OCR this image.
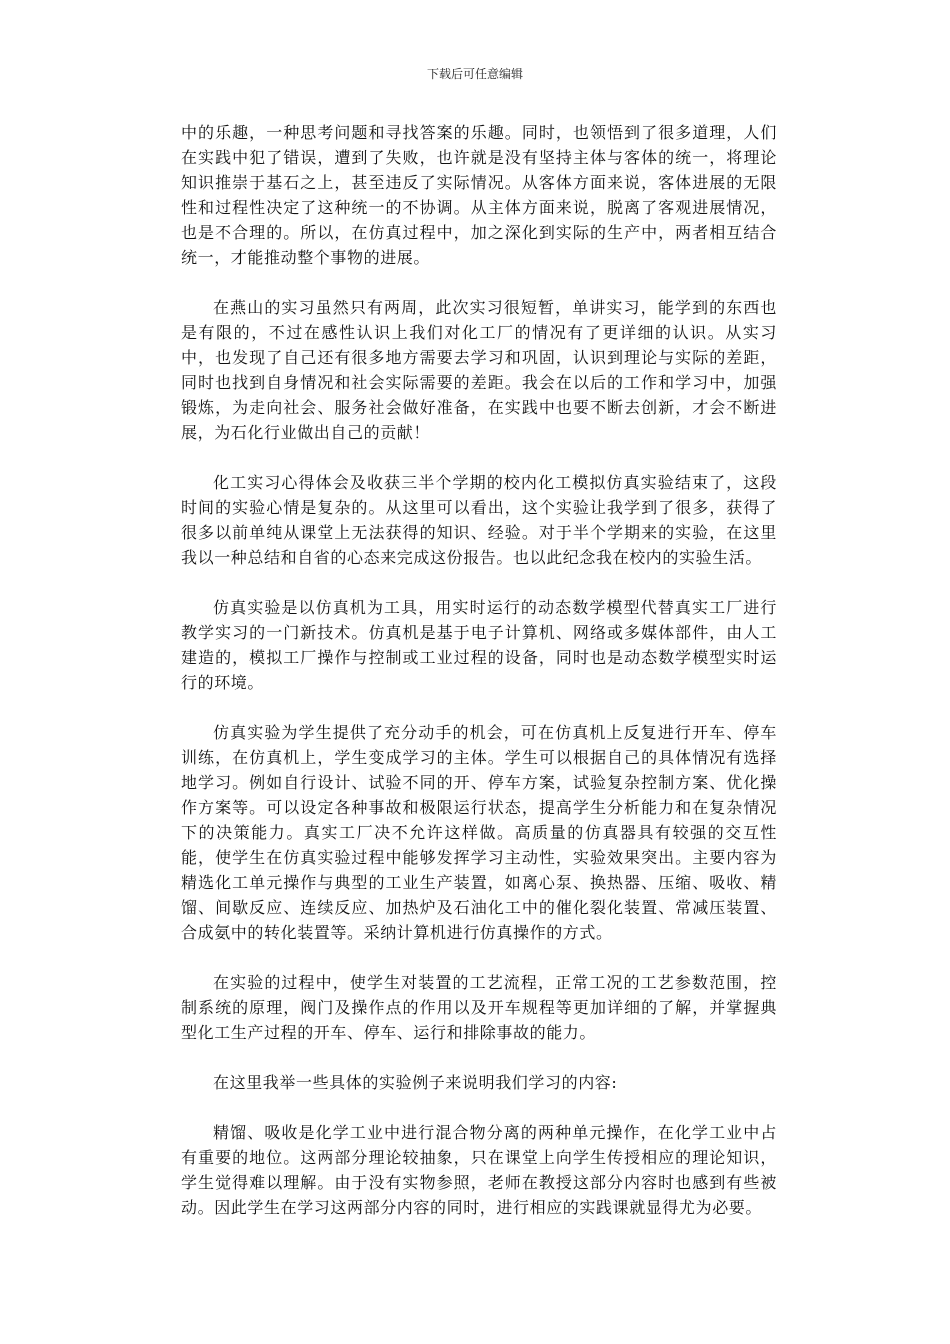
下载后可任意编辑

中的乐趣，一种思考问题和寻找答案的乐趣。同时，也领悟到了很多道理，人们在实践中犯了错误，遭到了失败，也许就是没有坚持主体与客体的统一，将理论知识推崇于基石之上，甚至违反了实际情况。从客体方面来说，客体进展的无限性和过程性决定了这种统一的不协调。从主体方面来说，脱离了客观进展情况，也是不合理的。所以，在仿真过程中，加之深化到实际的生产中，两者相互结合统一，才能推动整个事物的进展。

在燕山的实习虽然只有两周，此次实习很短暂，单讲实习，能学到的东西也是有限的，不过在感性认识上我们对化工厂的情况有了更详细的认识。从实习中，也发现了自己还有很多地方需要去学习和巩固，认识到理论与实际的差距，同时也找到自身情况和社会实际需要的差距。我会在以后的工作和学习中，加强锻炼，为走向社会、服务社会做好准备，在实践中也要不断去创新，才会不断进展，为石化行业做出自己的贡献！

化工实习心得体会及收获三半个学期的校内化工模拟仿真实验结束了，这段时间的实验心情是复杂的。从这里可以看出，这个实验让我学到了很多，获得了很多以前单纯从课堂上无法获得的知识、经验。对于半个学期来的实验，在这里我以一种总结和自省的心态来完成这份报告。也以此纪念我在校内的实验生活。

仿真实验是以仿真机为工具，用实时运行的动态数学模型代替真实工厂进行教学实习的一门新技术。仿真机是基于电子计算机、网络或多媒体部件，由人工建造的，模拟工厂操作与控制或工业过程的设备，同时也是动态数学模型实时运行的环境。

仿真实验为学生提供了充分动手的机会，可在仿真机上反复进行开车、停车训练，在仿真机上，学生变成学习的主体。学生可以根据自己的具体情况有选择地学习。例如自行设计、试验不同的开、停车方案，试验复杂控制方案、优化操作方案等。可以设定各种事故和极限运行状态，提高学生分析能力和在复杂情况下的决策能力。真实工厂决不允许这样做。高质量的仿真器具有较强的交互性能，使学生在仿真实验过程中能够发挥学习主动性，实验效果突出。主要内容为精选化工单元操作与典型的工业生产装置，如离心泵、换热器、压缩、吸收、精馏、间歇反应、连续反应、加热炉及石油化工中的催化裂化装置、常减压装置、合成氨中的转化装置等。采纳计算机进行仿真操作的方式。

在实验的过程中，使学生对装置的工艺流程，正常工况的工艺参数范围，控制系统的原理，阀门及操作点的作用以及开车规程等更加详细的了解，并掌握典型化工生产过程的开车、停车、运行和排除事故的能力。

在这里我举一些具体的实验例子来说明我们学习的内容:

精馏、吸收是化学工业中进行混合物分离的两种单元操作，在化学工业中占有重要的地位。这两部分理论较抽象，只在课堂上向学生传授相应的理论知识，学生觉得难以理解。由于没有实物参照，老师在教授这部分内容时也感到有些被动。因此学生在学习这两部分内容的同时，进行相应的实践课就显得尤为必要。
